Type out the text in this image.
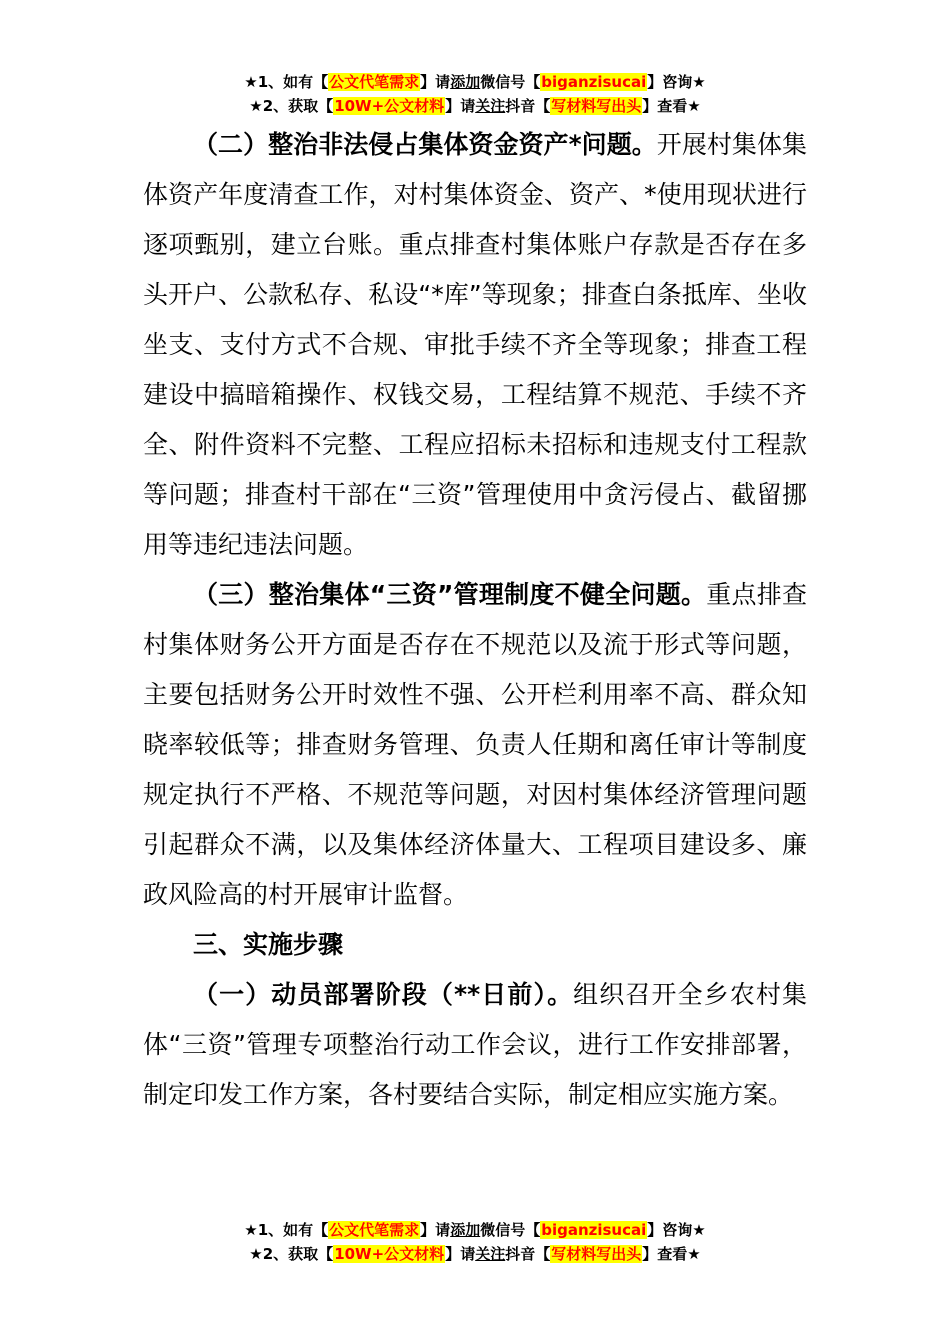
★1、如有【公文代笔需求】请添加微信号【biganzisucai】咨询★
★2、获取【10W+公文材料】请关注抖音【写材料写出头】查看★

（二）整治非法侵占集体资金资产*问题。开展村集体集体资产年度清查工作，对村集体资金、资产、*使用现状进行逐项甄别，建立台账。重点排查村集体账户存款是否存在多头开户、公款私存、私设“*库”等现象；排查白条抵库、坐收坐支、支付方式不合规、审批手续不齐全等现象；排查工程建设中搞暗箱操作、权钱交易，工程结算不规范、手续不齐全、附件资料不完整、工程应招标未招标和违规支付工程款等问题；排查村干部在“三资”管理使用中贪污侵占、截留挪用等违纪违法问题。

（三）整治集体“三资”管理制度不健全问题。重点排查村集体财务公开方面是否存在不规范以及流于形式等问题，主要包括财务公开时效性不强、公开栏利用率不高、群众知晓率较低等；排查财务管理、负责人任期和离任审计等制度规定执行不严格、不规范等问题，对因村集体经济管理问题引起群众不满，以及集体经济体量大、工程项目建设多、廉政风险高的村开展审计监督。

三、实施步骤

（一）动员部署阶段（**日前）。组织召开全乡农村集体“三资”管理专项整治行动工作会议，进行工作安排部署，制定印发工作方案，各村要结合实际，制定相应实施方案。

★1、如有【公文代笔需求】请添加微信号【biganzisucai】咨询★
★2、获取【10W+公文材料】请关注抖音【写材料写出头】查看★
